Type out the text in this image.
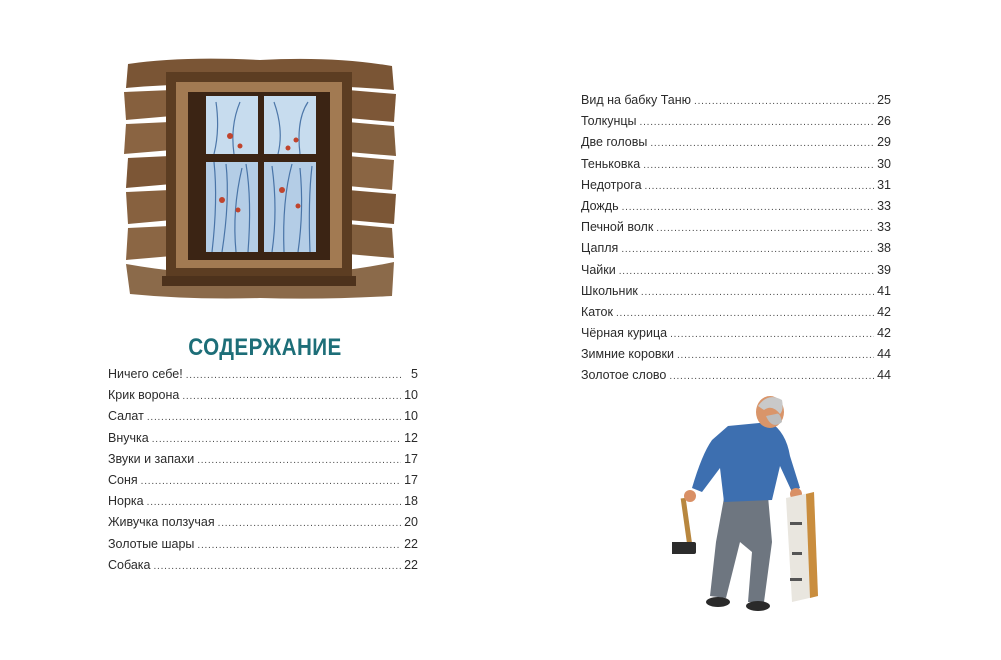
СОДЕРЖАНИЕ
Ничего себе! . . .	5
Крик ворона . . .	10
Салат . . .	10
Внучка . . .	12
Звуки и запахи . . .	17
Соня . . .	17
Норка . . .	18
Живучка ползучая . . .	20
Золотые шары . . .	22
Собака . . .	22
Вид на бабку Таню . . .	25
Толкунцы . . .	26
Две головы . . .	29
Теньковка . . .	30
Недотрога . . .	31
Дождь . . .	33
Печной волк . . .	33
Цапля . . .	38
Чайки . . .	39
Школьник . . .	41
Каток . . .	42
Чёрная курица . . .	42
Зимние коровки . . .	44
Золотое слово . . .	44
